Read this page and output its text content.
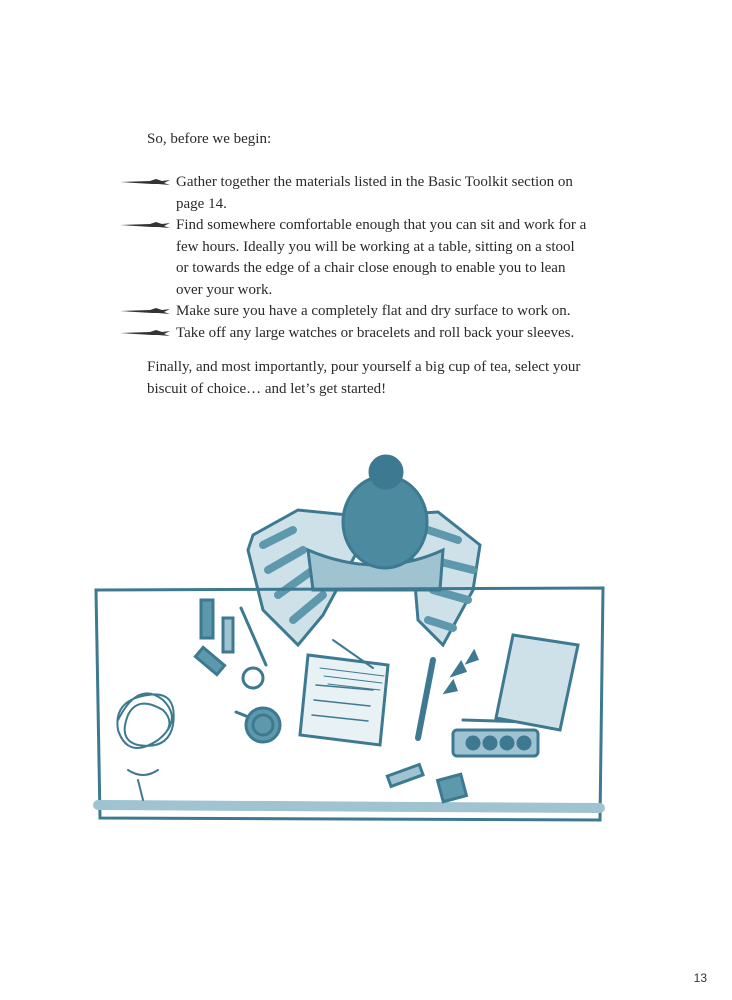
So, before we begin:

Gather together the materials listed in the Basic Toolkit section on page 14.
Find somewhere comfortable enough that you can sit and work for a few hours. Ideally you will be working at a table, sitting on a stool or towards the edge of a chair close enough to enable you to lean over your work.
Make sure you have a completely flat and dry surface to work on.
Take off any large watches or bracelets and roll back your sleeves.

Finally, and most importantly, pour yourself a big cup of tea, select your biscuit of choice… and let’s get started!

13
